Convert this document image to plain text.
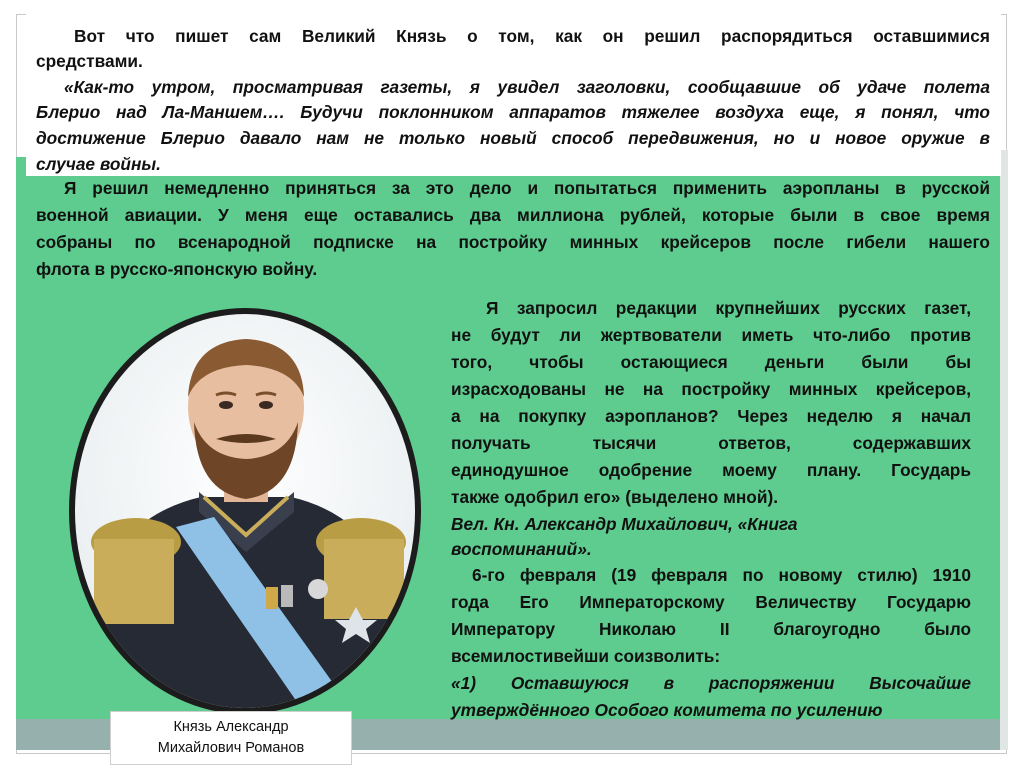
Вот что пишет сам Великий Князь о том, как он решил распорядиться оставшимися

средствами.

«Как-то утром, просматривая газеты, я увидел заголовки, сообщавшие об удаче полета

Блерио над Ла-Маншем…. Будучи поклонником аппаратов тяжелее воздуха еще, я понял, что

достижение Блерио давало нам не только новый способ передвижения, но и новое оружие в

случае войны.

Я решил немедленно приняться за это дело и попытаться применить аэропланы в русской

военной авиации. У меня еще оставались два миллиона рублей, которые были в свое время

собраны по всенародной подписке на постройку минных крейсеров после гибели нашего

флота в русско-японскую войну.

Я запросил редакции крупнейших русских газет,

не будут ли жертвователи иметь что-либо против

того, чтобы остающиеся деньги были бы

израсходованы не на постройку минных крейсеров,

а на покупку аэропланов? Через неделю я начал

получать тысячи ответов, содержавших

единодушное одобрение моему плану. Государь

также одобрил его» (выделено мной).

Вел. Кн. Александр Михайлович, «Книга

воспоминаний».

6-го февраля (19 февраля по новому стилю) 1910

года Его Императорскому Величеству Государю

Императору Николаю II благоугодно было

всемилостивейши соизволить:

«1) Оставшуюся в распоряжении Высочайше

утверждённого Особого комитета по усилению

Князь Александр
Михайлович Романов
